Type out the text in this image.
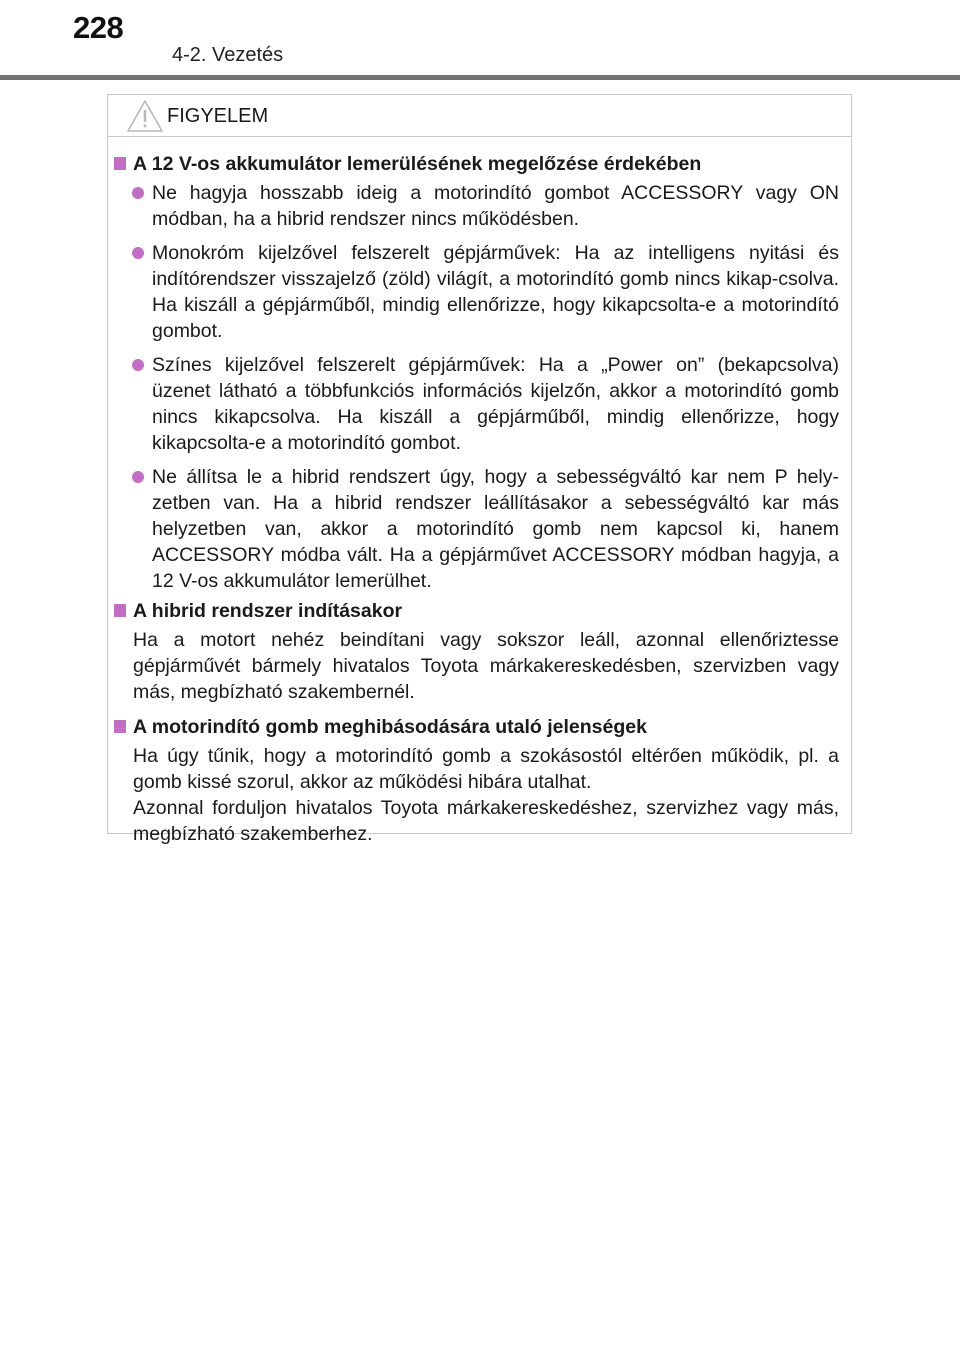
228
4-2. Vezetés
FIGYELEM
A 12 V-os akkumulátor lemerülésének megelőzése érdekében
Ne hagyja hosszabb ideig a motorindító gombot ACCESSORY vagy ON módban, ha a hibrid rendszer nincs működésben.
Monokróm kijelzővel felszerelt gépjárművek: Ha az intelligens nyitási és indítórendszer visszajelző (zöld) világít, a motorindító gomb nincs kikap-csolva. Ha kiszáll a gépjárműből, mindig ellenőrizze, hogy kikapcsolta-e a motorindító gombot.
Színes kijelzővel felszerelt gépjárművek: Ha a „Power on” (bekapcsolva) üzenet látható a többfunkciós információs kijelzőn, akkor a motorindító gomb nincs kikapcsolva. Ha kiszáll a gépjárműből, mindig ellenőrizze, hogy kikapcsolta-e a motorindító gombot.
Ne állítsa le a hibrid rendszert úgy, hogy a sebességváltó kar nem P hely-zetben van. Ha a hibrid rendszer leállításakor a sebességváltó kar más helyzetben van, akkor a motorindító gomb nem kapcsol ki, hanem ACCESSORY módba vált. Ha a gépjárművet ACCESSORY módban hagyja, a 12 V-os akkumulátor lemerülhet.
A hibrid rendszer indításakor
Ha a motort nehéz beindítani vagy sokszor leáll, azonnal ellenőriztesse gépjárművét bármely hivatalos Toyota márkakereskedésben, szervizben vagy más, megbízható szakembernél.
A motorindító gomb meghibásodására utaló jelenségek
Ha úgy tűnik, hogy a motorindító gomb a szokásostól eltérően működik, pl. a gomb kissé szorul, akkor az működési hibára utalhat.
Azonnal forduljon hivatalos Toyota márkakereskedéshez, szervizhez vagy más, megbízható szakemberhez.
